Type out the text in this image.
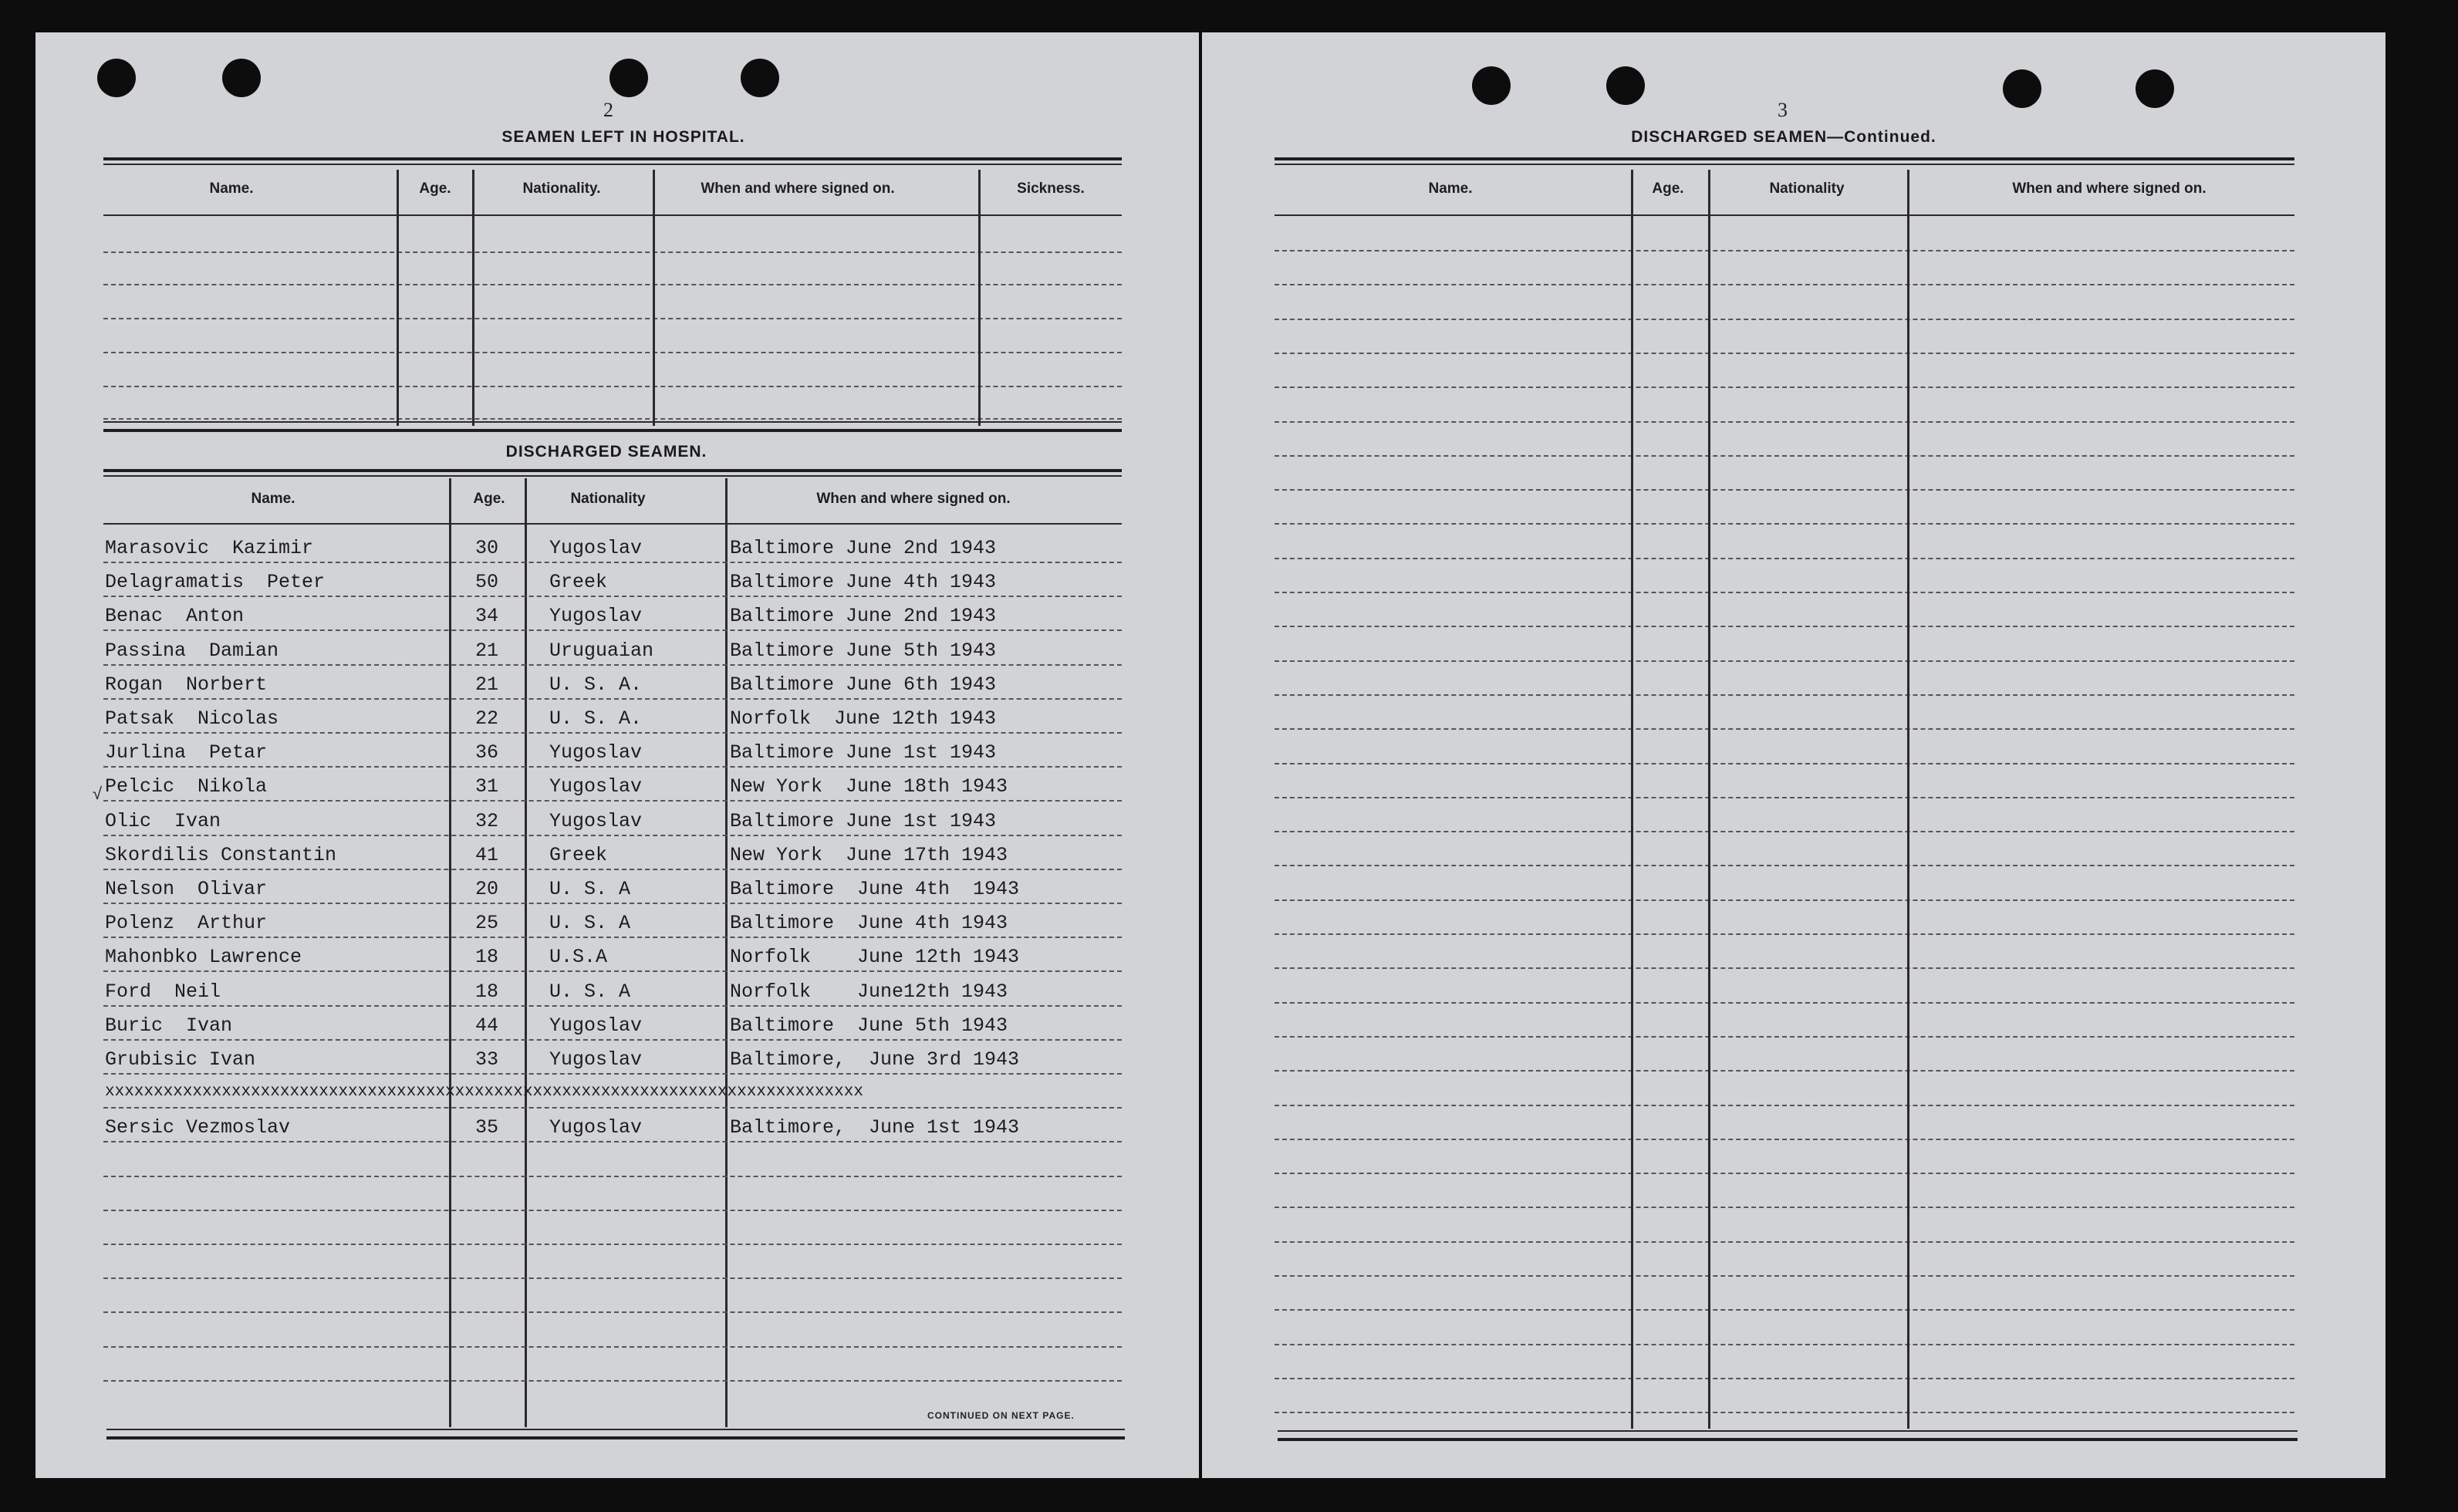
2
SEAMEN LEFT IN HOSPITAL.
Name.	Age.	Nationality.	When and where signed on.	Sickness.
DISCHARGED SEAMEN.
Name.	Age.	Nationality	When and where signed on.
Marasovic  Kazimir	30	Yugoslav	Baltimore June 2nd 1943
Delagramatis  Peter	50	Greek	Baltimore June 4th 1943
Benac  Anton	34	Yugoslav	Baltimore June 2nd 1943
Passina  Damian	21	Uruguaian	Baltimore June 5th 1943
Rogan  Norbert	21	U. S. A.	Baltimore June 6th 1943
Patsak  Nicolas	22	U. S. A.	Norfolk  June 12th 1943
Jurlina  Petar	36	Yugoslav	Baltimore June 1st 1943
Pelcic  Nikola	31	Yugoslav	New York  June 18th 1943
Olic  Ivan	32	Yugoslav	Baltimore June 1st 1943
Skordilis Constantin	41	Greek	New York  June 17th 1943
Nelson  Olivar	20	U. S. A	Baltimore  June 4th  1943
Polenz  Arthur	25	U. S. A	Baltimore  June 4th 1943
Mahonbko Lawrence	18	U.S.A	Norfolk    June 12th 1943
Ford  Neil	18	U. S. A	Norfolk    June12th 1943
Buric  Ivan	44	Yugoslav	Baltimore  June 5th 1943
Grubisic Ivan	33	Yugoslav	Baltimore,  June 3rd 1943
xxxxxxxxxxxxxxxxxxxxxxxxxxxxxxxxxxxxxxxxxxxxxxxxxxxxxxxxxxxxxxxxxxxxxxxxxxxxxx
Sersic Vezmoslav	35	Yugoslav	Baltimore,  June 1st 1943
CONTINUED ON NEXT PAGE.
√
3
DISCHARGED SEAMEN—Continued.
Name.	Age.	Nationality	When and where signed on.
